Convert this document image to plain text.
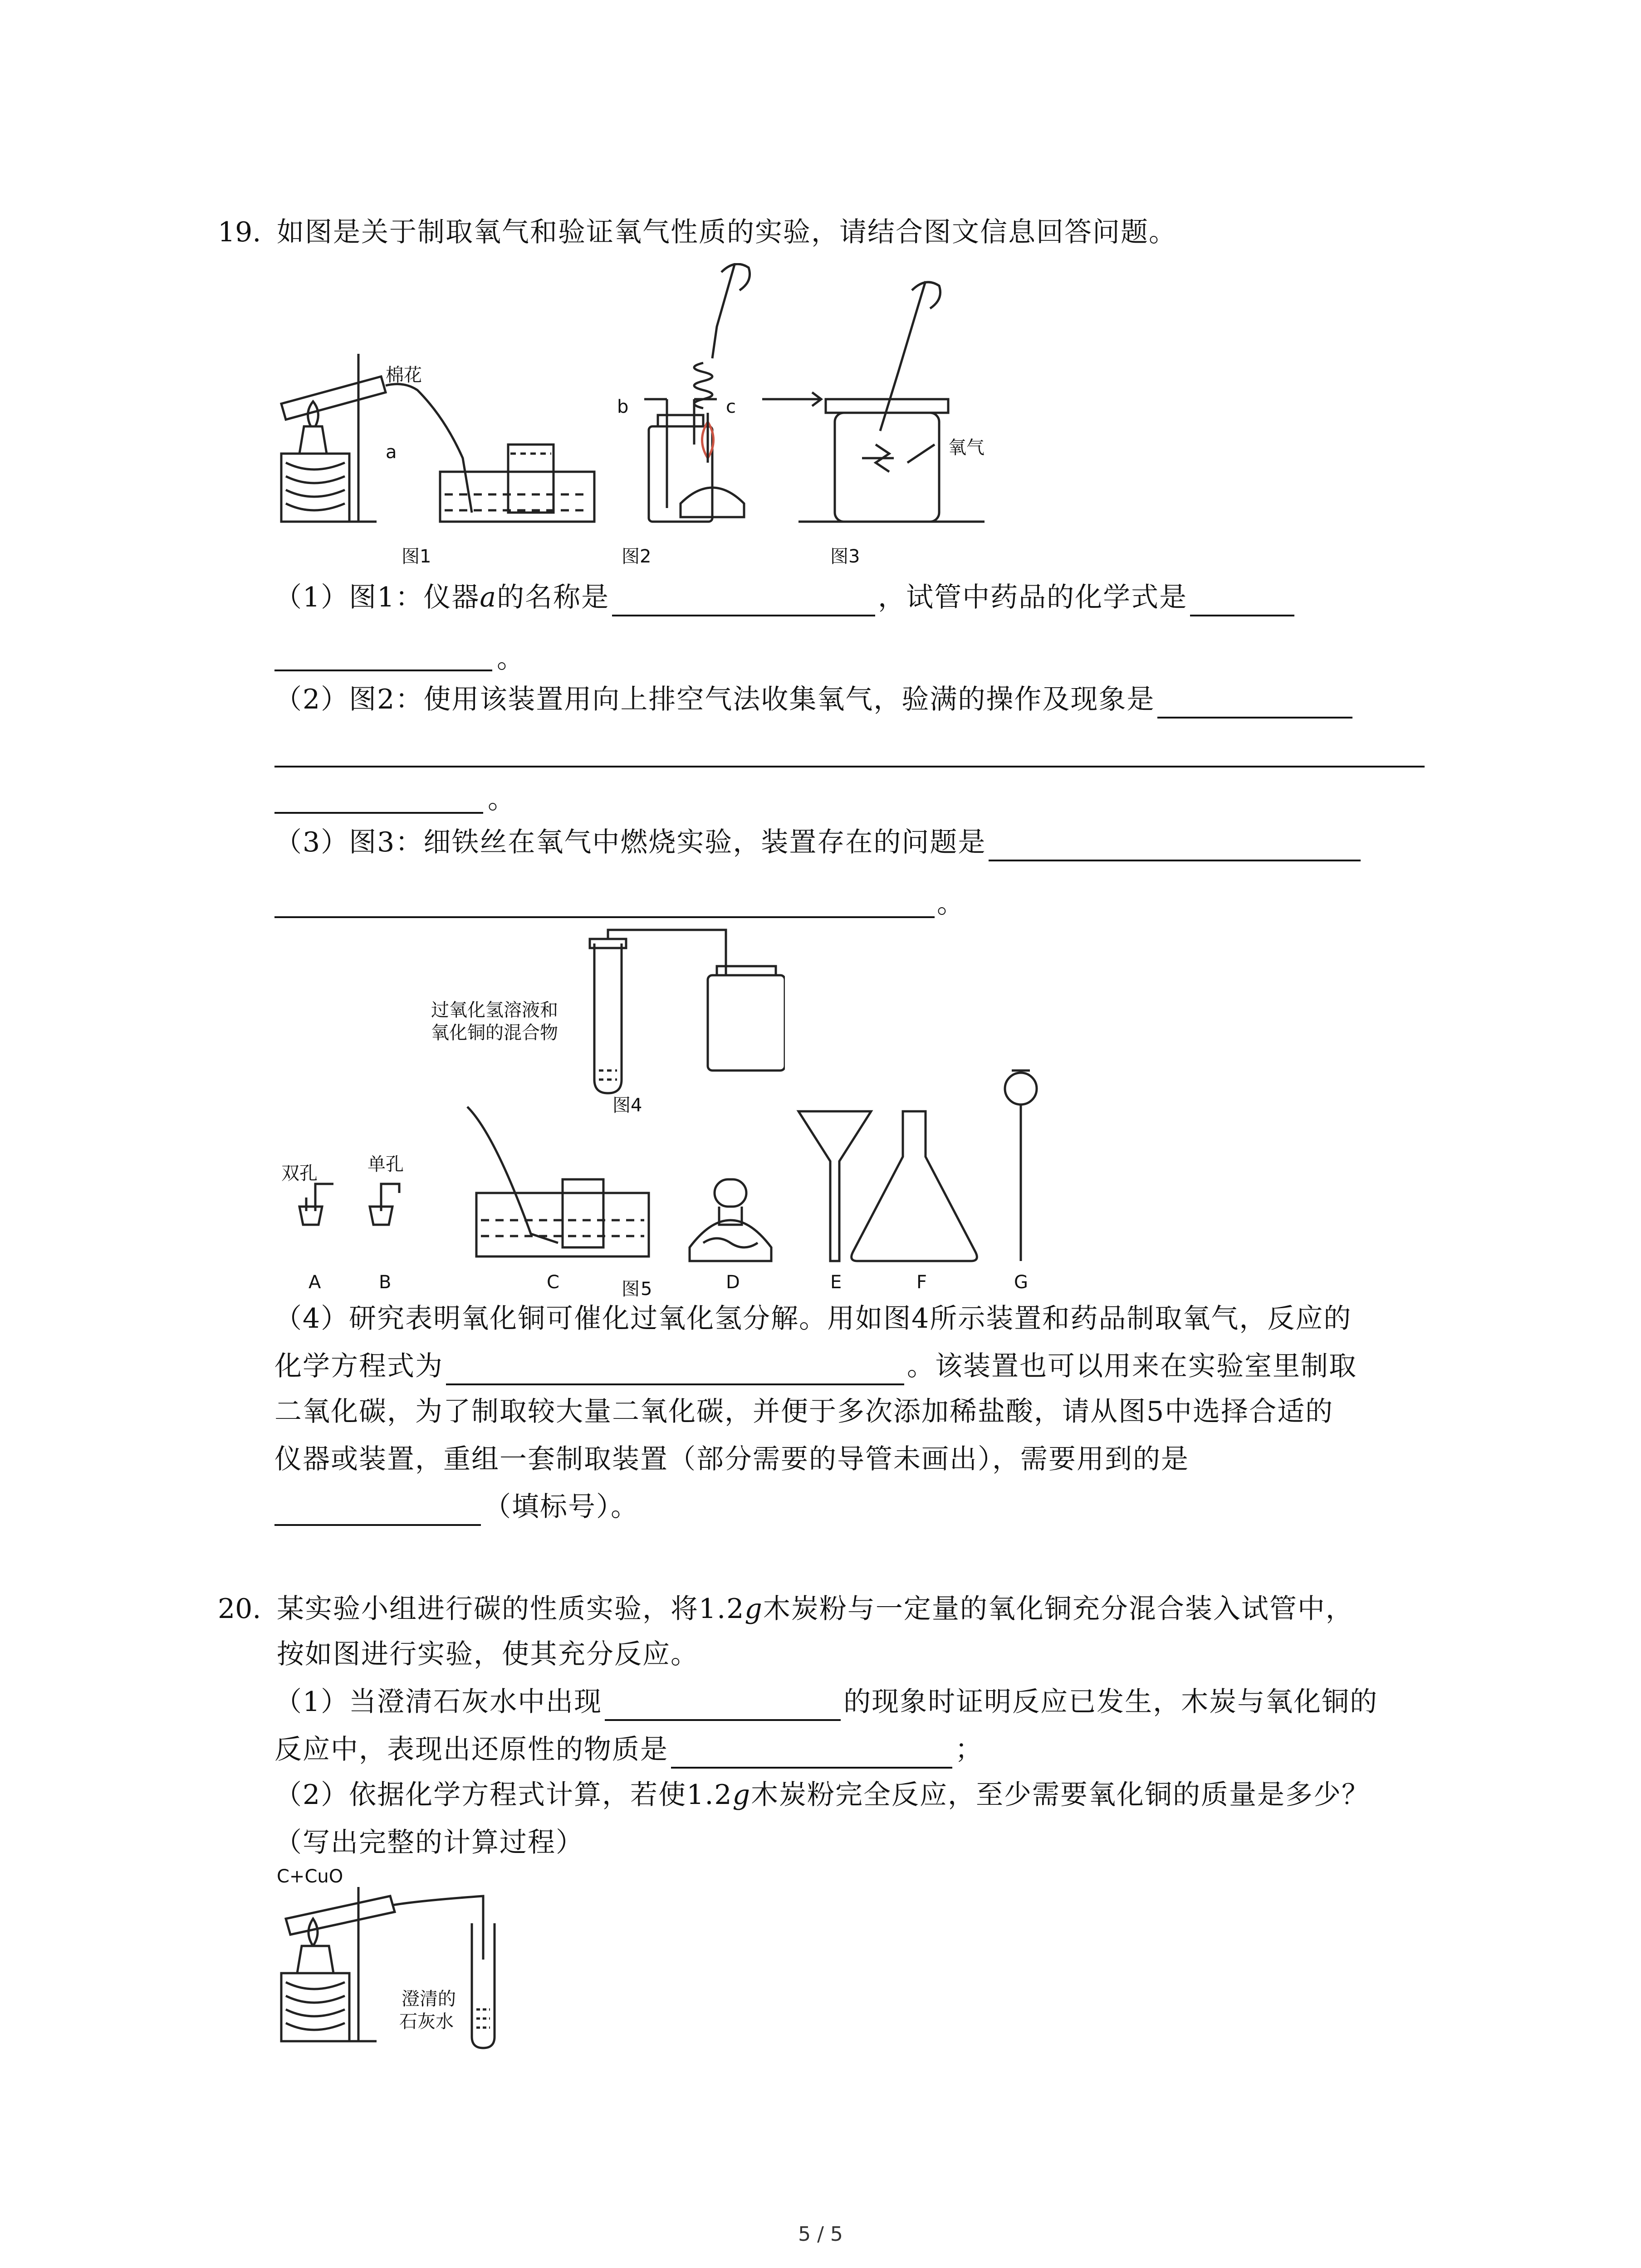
19. 如图是关于制取氧气和验证氧气性质的实验，请结合图文信息回答问题。
棉花
a
b	c
氧气
图1	图2	图3
（1）图1：仪器a的名称是	，试管中药品的化学式是
。
（2）图2：使用该装置用向上排空气法收集氧气，验满的操作及现象是
。
（3）图3：细铁丝在氧气中燃烧实验，装置存在的问题是
。
过氧化氢溶液和
氧化铜的混合物
图4
双孔	单孔
A	B	C	D	E	F	G
图5
（4）研究表明氧化铜可催化过氧化氢分解。用如图4所示装置和药品制取氧气，反应的
化学方程式为	。该装置也可以用来在实验室里制取
二氧化碳，为了制取较大量二氧化碳，并便于多次添加稀盐酸，请从图5中选择合适的
仪器或装置，重组一套制取装置（部分需要的导管未画出），需要用到的是
（填标号）。
20. 某实验小组进行碳的性质实验，将1.2g木炭粉与一定量的氧化铜充分混合装入试管中，
按如图进行实验，使其充分反应。
（1）当澄清石灰水中出现	的现象时证明反应已发生，木炭与氧化铜的
反应中，表现出还原性的物质是	；
（2）依据化学方程式计算，若使1.2g木炭粉完全反应，至少需要氧化铜的质量是多少？
（写出完整的计算过程）
C+CuO
澄清的
石灰水
5 / 5
